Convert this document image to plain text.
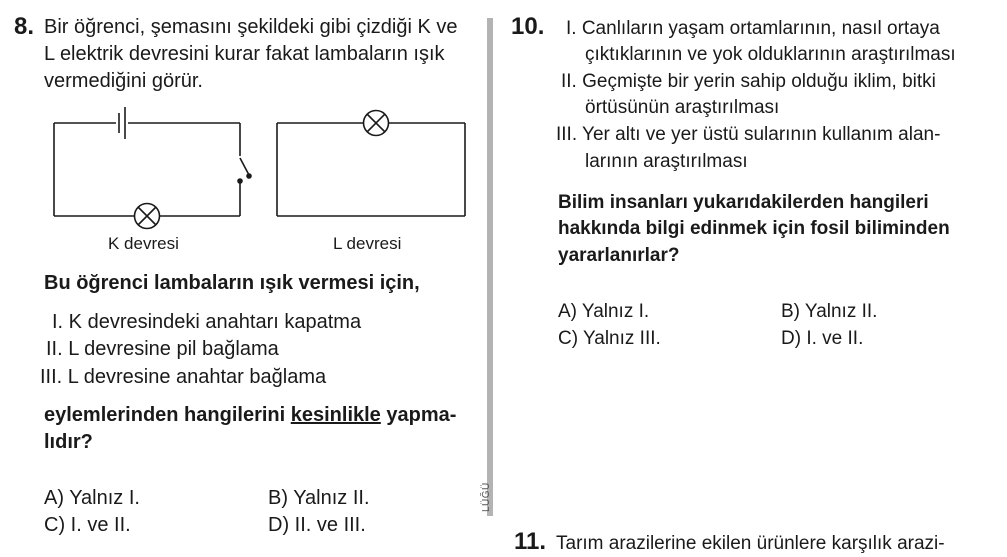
8. Bir öğrenci, şemasını şekildeki gibi çizdiği K ve
L elektrik devresini kurar fakat lambaların ışık
vermediğini görür.
K devresi	L devresi
Bu öğrenci lambaların ışık vermesi için,
I. K devresindeki anahtarı kapatma
II. L devresine pil bağlama
III. L devresine anahtar bağlama
eylemlerinden hangilerini kesinlikle yapma-
lıdır?
A) Yalnız I.	B) Yalnız II.
C) I. ve II.	D) II. ve III.
LÜĞÜ
10. I. Canlıların yaşam ortamlarının, nasıl ortaya
çıktıklarının ve yok olduklarının araştırılması
II. Geçmişte bir yerin sahip olduğu iklim, bitki
örtüsünün araştırılması
III. Yer altı ve yer üstü sularının kullanım alan-
larının araştırılması
Bilim insanları yukarıdakilerden hangileri
hakkında bilgi edinmek için fosil biliminden
yararlanırlar?
A) Yalnız I.	B) Yalnız II.
C) Yalnız III.	D) I. ve II.
11. Tarım arazilerine ekilen ürünlere karşılık arazi-
